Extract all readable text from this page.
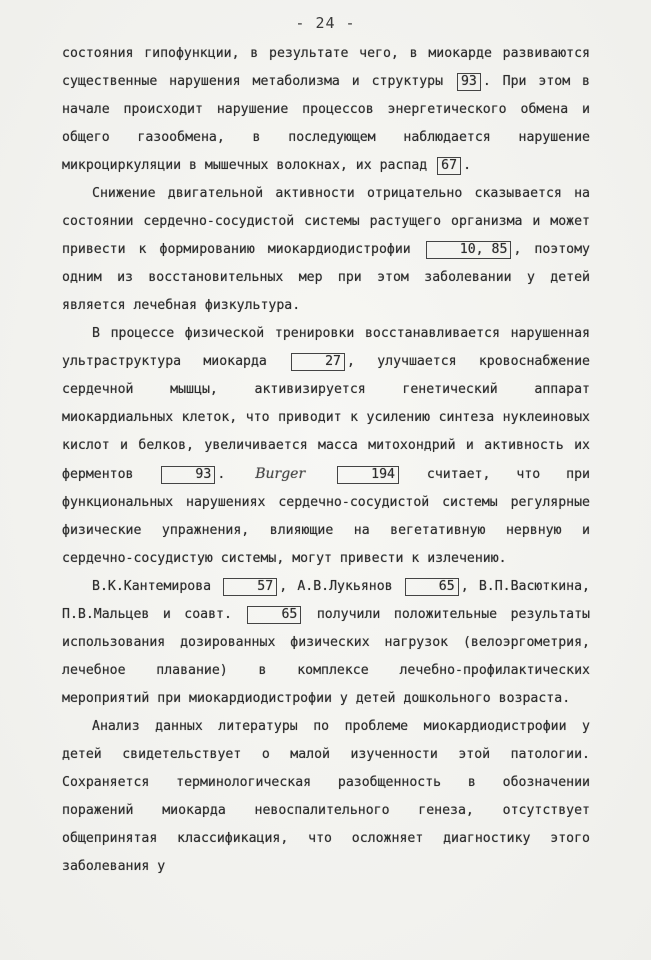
- 24 -

состояния гипофункции, в результате чего, в миокарде развиваются существенные нарушения метаболизма и структуры 93 . При этом в начале происходит нарушение процессов энергетического обмена и общего газообмена, в последующем наблюдается нарушение микроциркуляции в мышечных волокнах, их распад 67 .

Снижение двигательной активности отрицательно сказывается на состоянии сердечно-сосудистой системы растущего организма и может привести к формированию миокардиодистрофии	10, 85 , поэтому одним из восстановительных мер при этом заболевании у детей является лечебная физкультура.

В процессе физической тренировки восстанавливается нарушенная ультраструктура миокарда	27 , улучшается кровоснабжение сердечной мышцы, активизируется генетический аппарат миокардиальных клеток, что приводит к усилению синтеза нуклеиновых кислот и белков, увеличивается масса митохондрий и активность их ферментов	93 . Burger	194 считает, что при функциональных нарушениях сердечно-сосудистой системы регулярные физические упражнения, влияющие на вегетативную нервную и сердечно-сосудистую системы, могут привести к излечению.

В.К.Кантемирова	57 , А.В.Лукьянов	65 , В.П.Васюткина, П.В.Мальцев и соавт.	65 получили положительные результаты использования дозированных физических нагрузок (велоэргометрия, лечебное плавание) в комплексе лечебно-профилактических мероприятий при миокардиодистрофии у детей дошкольного возраста.

Анализ данных литературы по проблеме миокардиодистрофии у детей свидетельствует о малой изученности этой патологии. Сохраняется терминологическая разобщенность в обозначении поражений миокарда невоспалительного генеза, отсутствует общепринятая классификация, что осложняет диагностику этого заболевания у
